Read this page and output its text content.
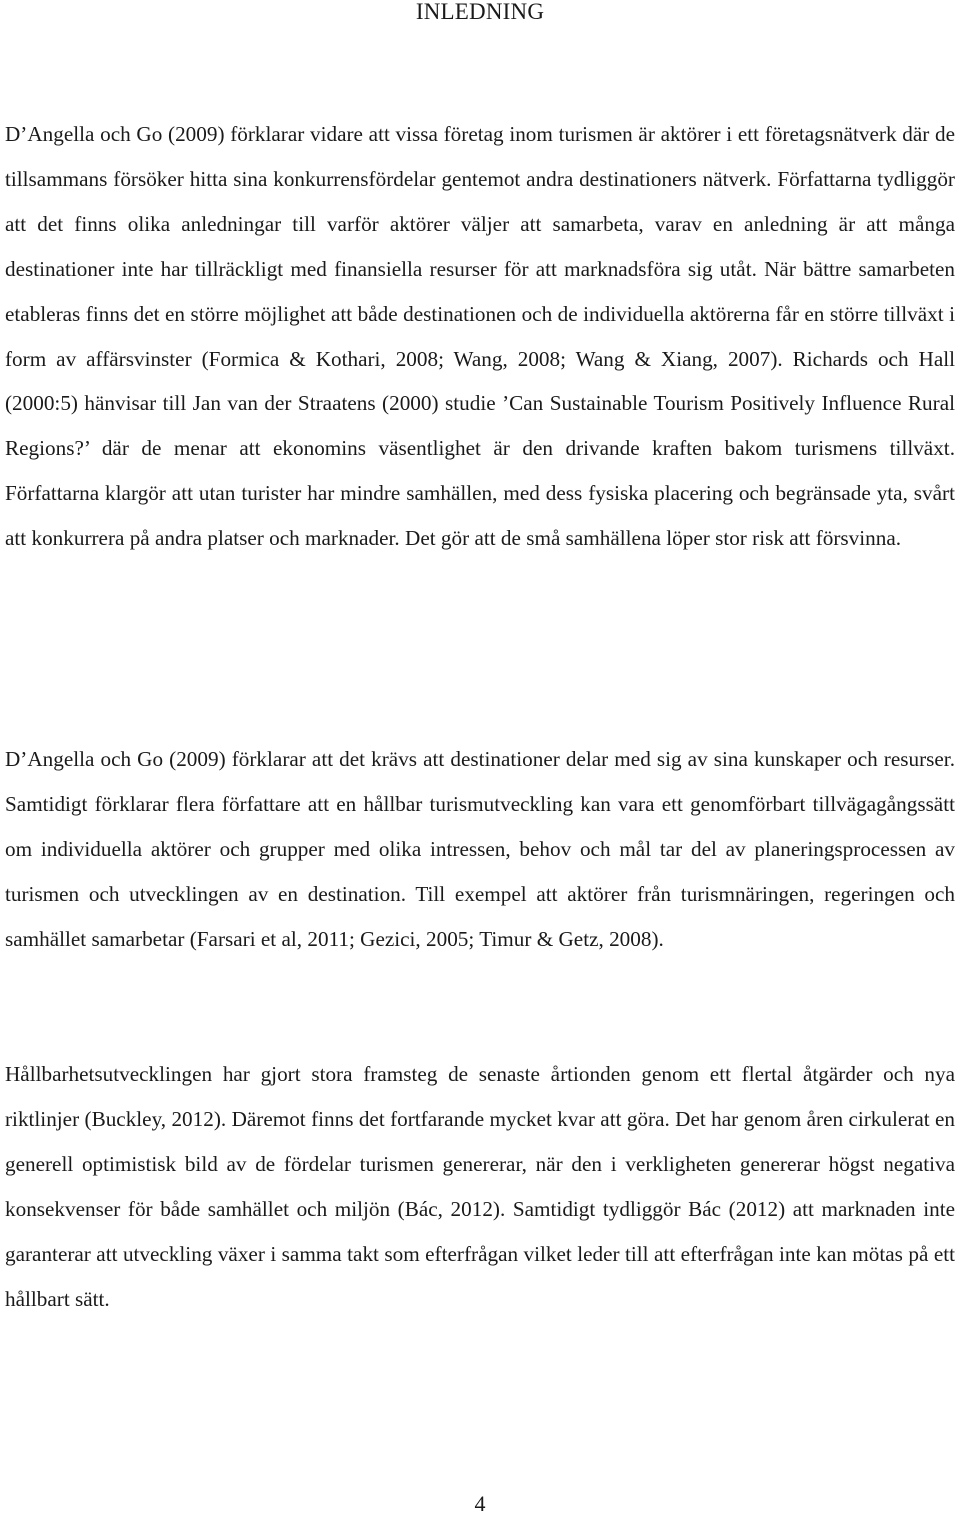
INLEDNING

D’Angella och Go (2009) förklarar vidare att vissa företag inom turismen är aktörer i ett företagsnätverk där de tillsammans försöker hitta sina konkurrensfördelar gentemot andra destinationers nätverk. Författarna tydliggör att det finns olika anledningar till varför aktörer väljer att samarbeta, varav en anledning är att många destinationer inte har tillräckligt med finansiella resurser för att marknadsföra sig utåt. När bättre samarbeten etableras finns det en större möjlighet att både destinationen och de individuella aktörerna får en större tillväxt i form av affärsvinster (Formica & Kothari, 2008; Wang, 2008; Wang & Xiang, 2007). Richards och Hall (2000:5) hänvisar till Jan van der Straatens (2000) studie ’Can Sustainable Tourism Positively Influence Rural Regions?’ där de menar att ekonomins väsentlighet är den drivande kraften bakom turismens tillväxt. Författarna klargör att utan turister har mindre samhällen, med dess fysiska placering och begränsade yta, svårt att konkurrera på andra platser och marknader. Det gör att de små samhällena löper stor risk att försvinna.

D’Angella och Go (2009) förklarar att det krävs att destinationer delar med sig av sina kunskaper och resurser. Samtidigt förklarar flera författare att en hållbar turismutveckling kan vara ett genomförbart tillvägagångssätt om individuella aktörer och grupper med olika intressen, behov och mål tar del av planeringsprocessen av turismen och utvecklingen av en destination. Till exempel att aktörer från turismnäringen, regeringen och samhället samarbetar (Farsari et al, 2011; Gezici, 2005; Timur & Getz, 2008).

Hållbarhetsutvecklingen har gjort stora framsteg de senaste årtionden genom ett flertal åtgärder och nya riktlinjer (Buckley, 2012). Däremot finns det fortfarande mycket kvar att göra. Det har genom åren cirkulerat en generell optimistisk bild av de fördelar turismen genererar, när den i verkligheten genererar högst negativa konsekvenser för både samhället och miljön (Bác, 2012). Samtidigt tydliggör Bác (2012) att marknaden inte garanterar att utveckling växer i samma takt som efterfrågan vilket leder till att efterfrågan inte kan mötas på ett hållbart sätt.

4
